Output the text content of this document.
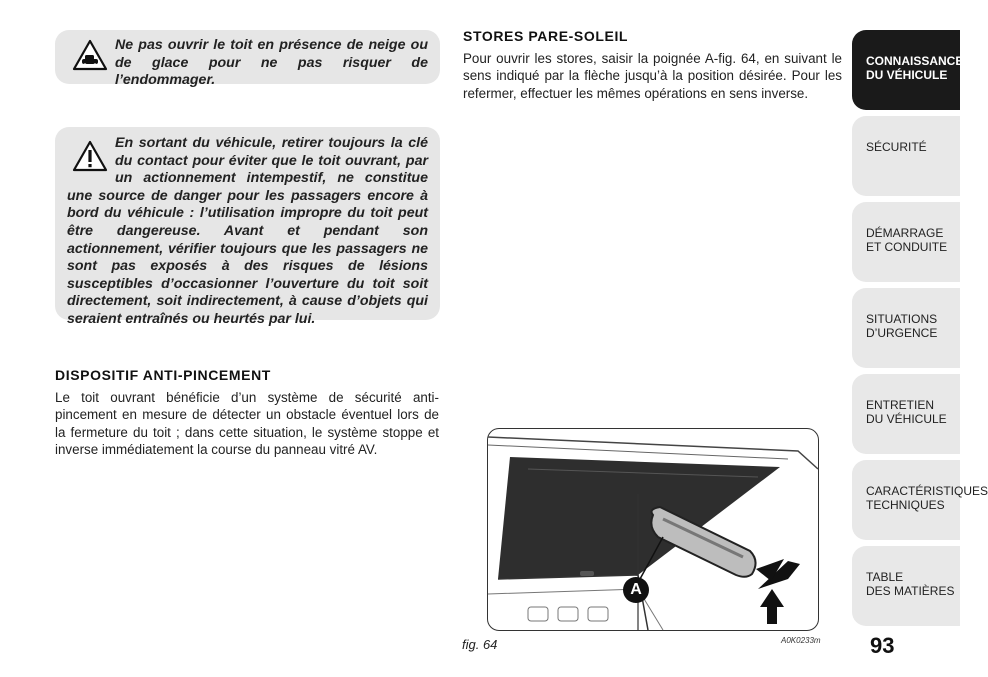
Ne pas ouvrir le toit en présence de neige ou de glace pour ne pas risquer de l’endommager.

En sortant du véhicule, retirer toujours la clé du contact pour éviter que le toit ouvrant, par un actionnement intempestif, ne constitue une source de danger pour les passagers encore à bord du véhicule : l’utilisation impropre du toit peut être dangereuse. Avant et pendant son actionnement, vérifier toujours que les passagers ne sont pas exposés à des risques de lésions susceptibles d’occasionner l’ouverture du toit soit directement, soit indirectement, à cause d’objets qui seraient entraînés ou heurtés par lui.

DISPOSITIF ANTI-PINCEMENT

Le toit ouvrant bénéficie d’un système de sécurité anti-pincement en mesure de détecter un obstacle éventuel lors de la fermeture du toit ; dans cette situation, le système stoppe et inverse immédiatement la course du panneau vitré AV.

STORES PARE-SOLEIL

Pour ouvrir les stores, saisir la poignée A-fig. 64, en suivant le sens indiqué par la flèche jusqu’à la position désirée. Pour les refermer, effectuer les mêmes opérations en sens inverse.

A
fig. 64	A0K0233m 93
CONNAISSANCE
DU VÉHICULE
SÉCURITÉ
DÉMARRAGE
ET CONDUITE
SITUATIONS
D’URGENCE
ENTRETIEN
DU VÉHICULE
CARACTÉRISTIQUES
TECHNIQUES
TABLE
DES MATIÈRES
